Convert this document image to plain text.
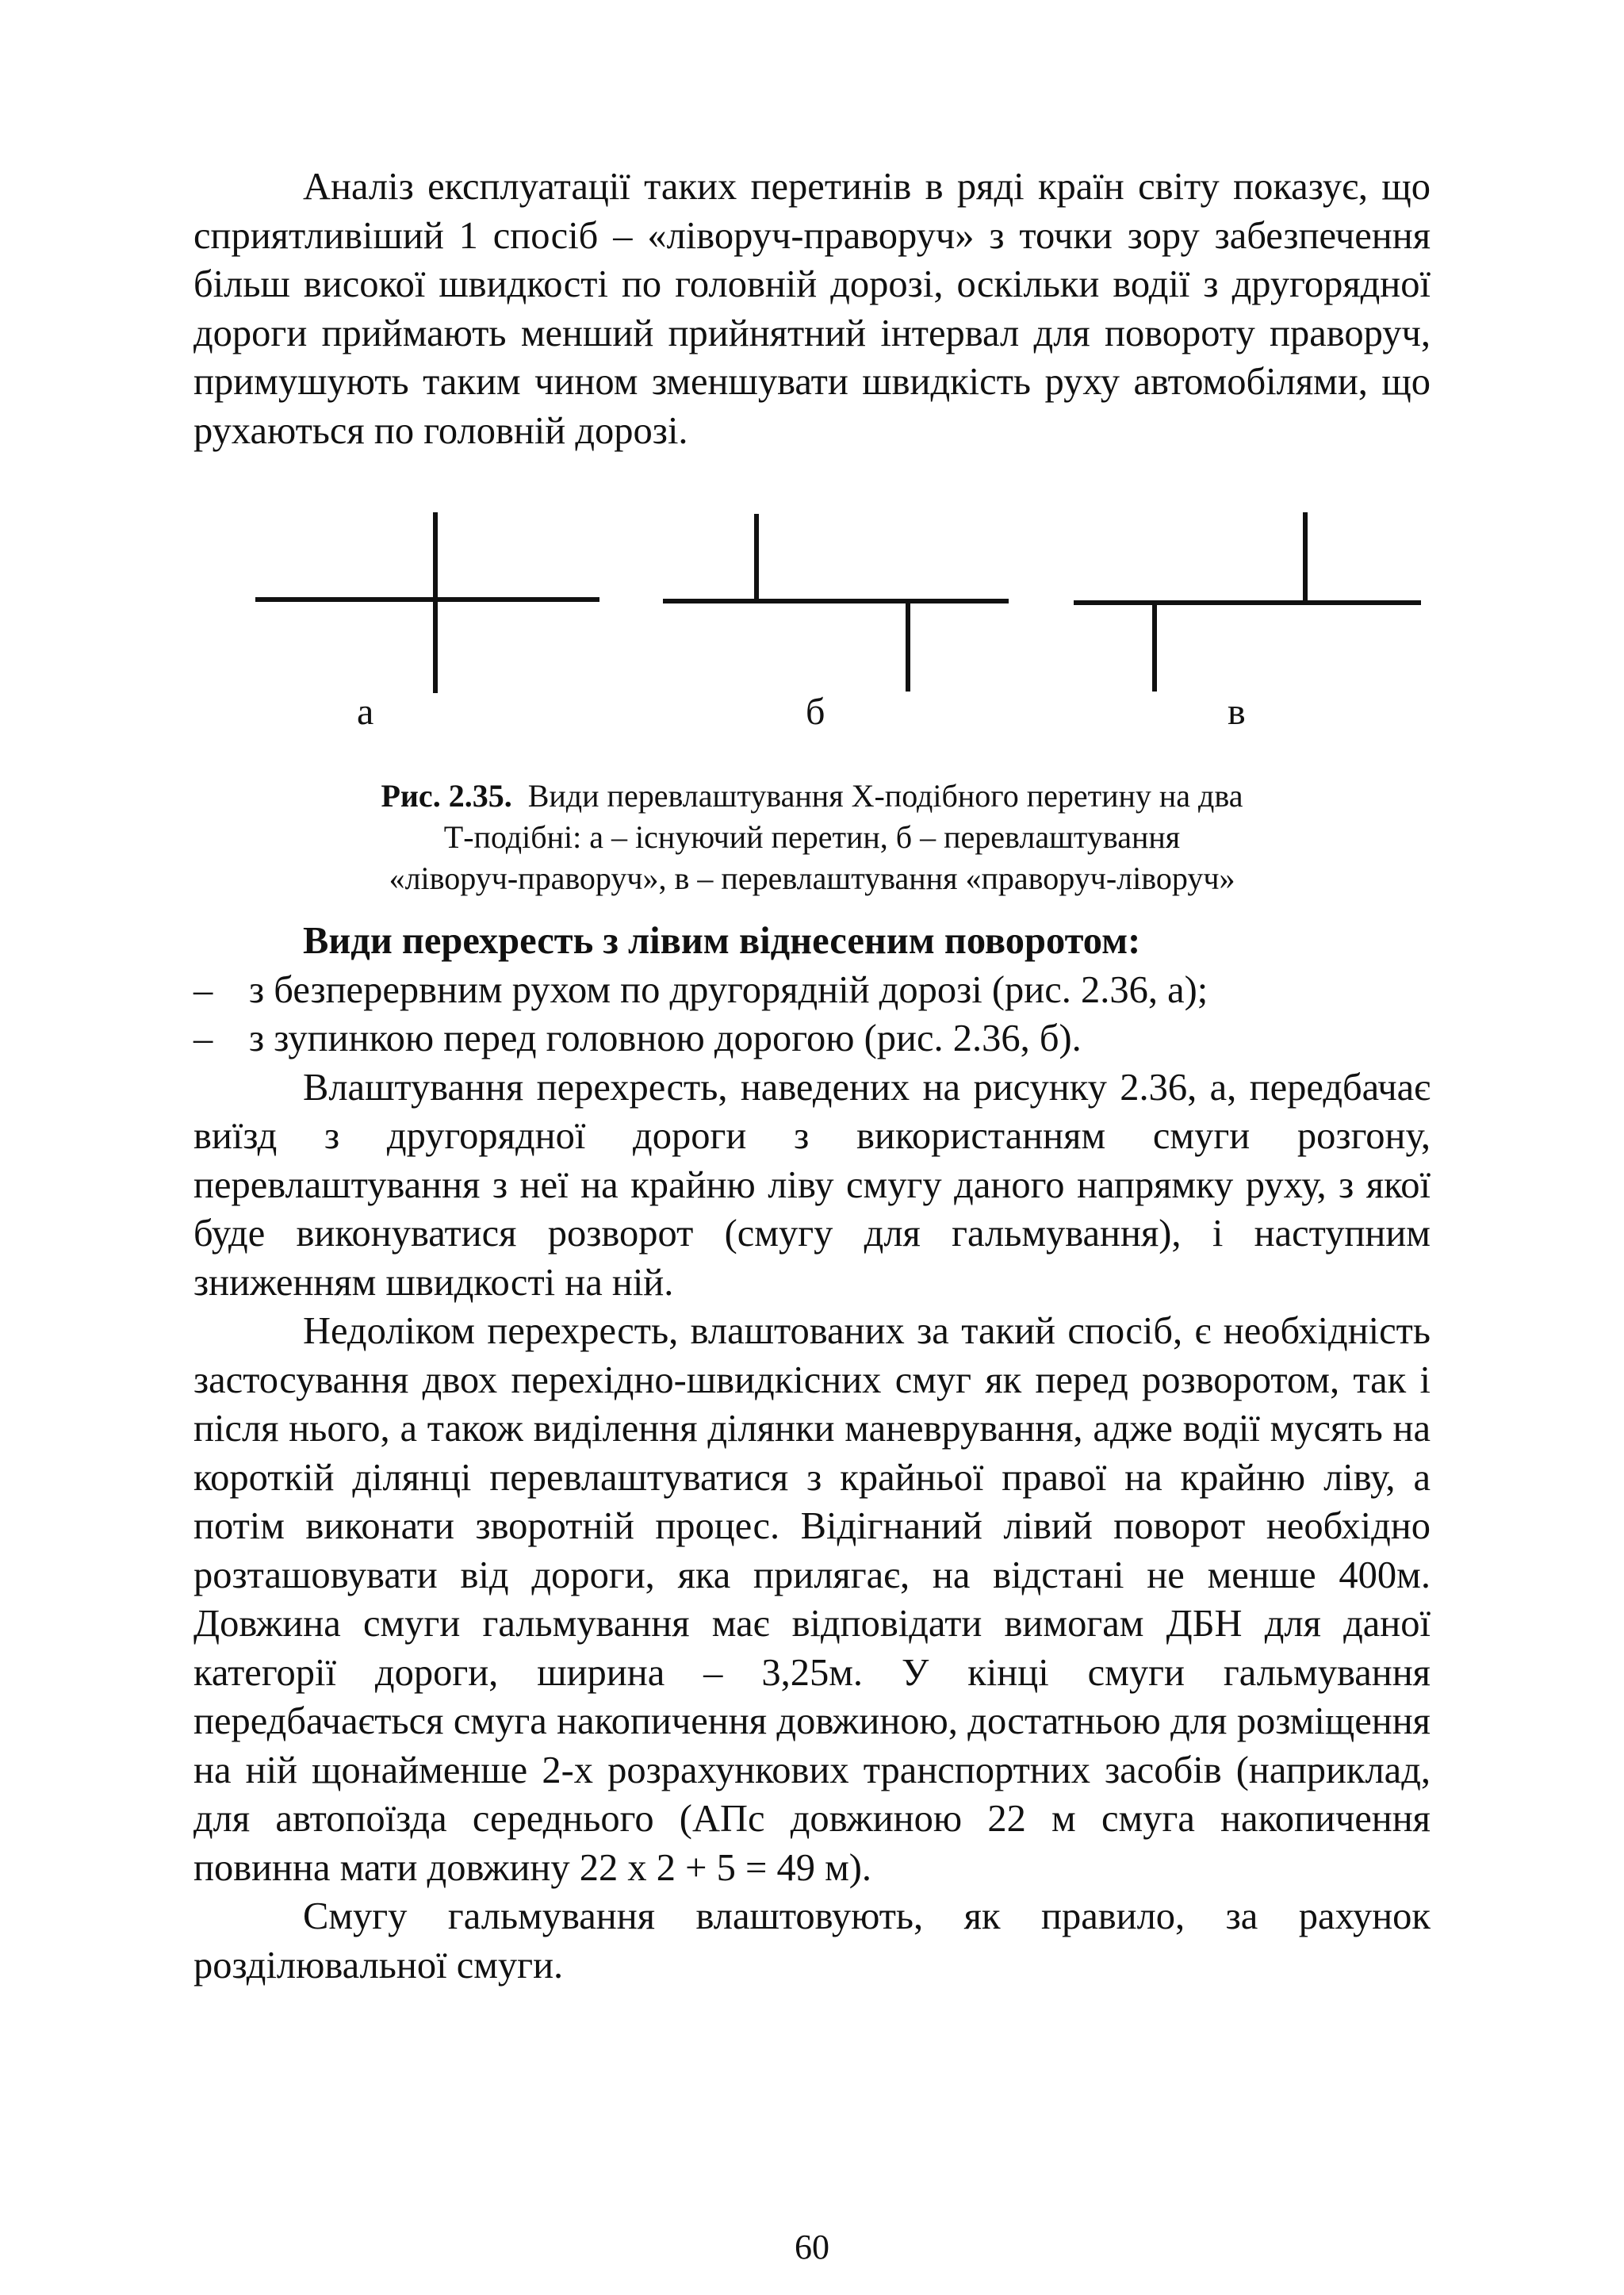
Аналіз експлуатації таких перетинів в ряді країн світу показує, що сприятливіший 1 спосіб – «ліворуч-праворуч» з точки зору забезпечення більш високої швидкості по головній дорозі, оскільки водії з другорядної дороги приймають менший прийнятний інтервал для повороту праворуч, примушують таким чином зменшувати швидкість руху автомобілями, що рухаються по головній дорозі.

а	б	в
Рис. 2.35. Види перевлаштування Х-подібного перетину на два
Т-подібні: а – існуючий перетин, б – перевлаштування
«ліворуч-праворуч», в – перевлаштування «праворуч-ліворуч»

Види перехресть з лівим віднесеним поворотом:

– з безперервним рухом по другорядній дорозі (рис. 2.36, а);
– з зупинкою перед головною дорогою (рис. 2.36, б).

Влаштування перехресть, наведених на рисунку 2.36, а, передбачає виїзд з другорядної дороги з використанням смуги розгону, перевлаштування з неї на крайню ліву смугу даного напрямку руху, з якої буде виконуватися розворот (смугу для гальмування), і наступним зниженням швидкості на ній.

Недоліком перехресть, влаштованих за такий спосіб, є необхідність застосування двох перехідно-швидкісних смуг як перед розворотом, так і після нього, а також виділення ділянки маневрування, адже водії мусять на короткій ділянці перевлаштуватися з крайньої правої на крайню ліву, а потім виконати зворотній процес. Відігнаний лівий поворот необхідно розташовувати від дороги, яка прилягає, на відстані не менше 400м. Довжина смуги гальмування має відповідати вимогам ДБН для даної категорії дороги, ширина – 3,25м. У кінці смуги гальмування передбачається смуга накопичення довжиною, достатньою для розміщення на ній щонайменше 2-х розрахункових транспортних засобів (наприклад, для автопоїзда середнього (АПс довжиною 22 м смуга накопичення повинна мати довжину 22 х 2 + 5 = 49 м).

Смугу гальмування влаштовують, як правило, за рахунок розділювальної смуги.

60
